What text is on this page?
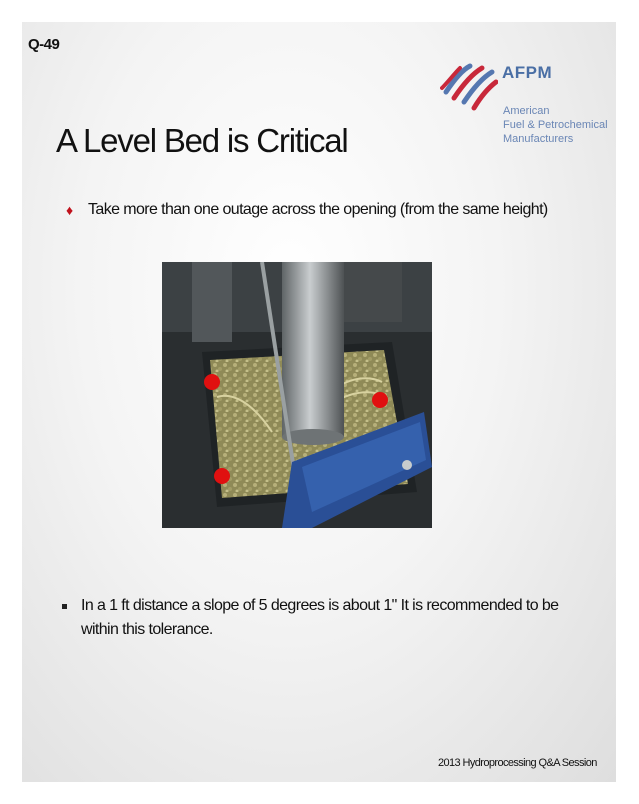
Q-49
AFPM
American
Fuel & Petrochemical
Manufacturers
A Level Bed is Critical
♦ Take more than one outage across the opening (from the same height)
In a 1 ft distance a slope of 5 degrees is about 1" It is recommended to be within this tolerance.
2013 Hydroprocessing Q&A Session
